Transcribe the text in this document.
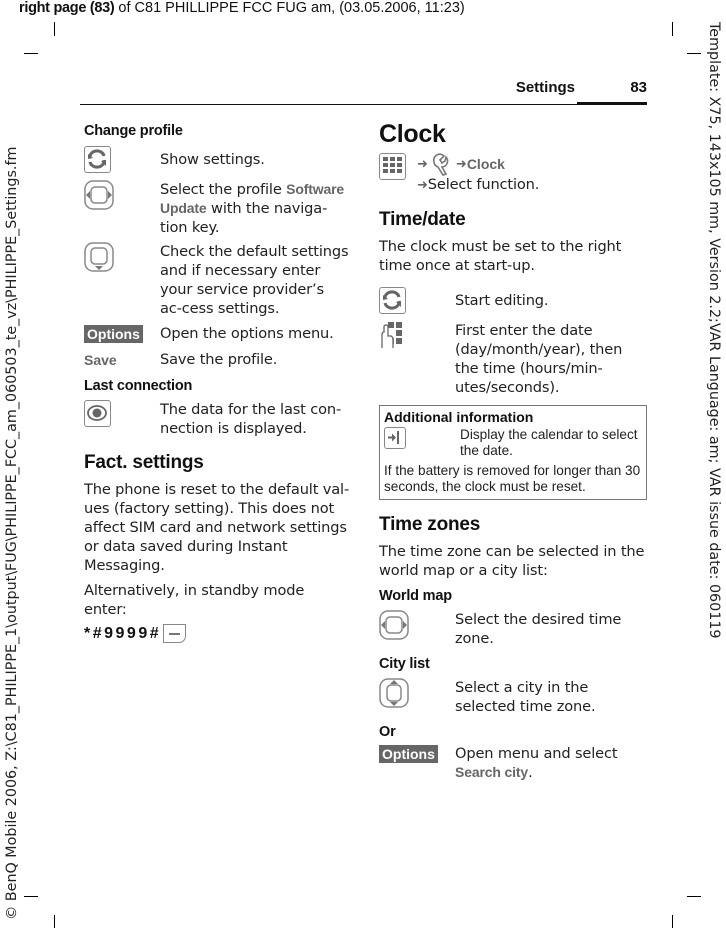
right page (83) of C81 PHILLIPPE FCC FUG am, (03.05.2006, 11:23)
© BenQ Mobile 2006, Z:\C81_PHILIPPE_1\output\FUG\PHILIPPE_FCC_am_060503_te_vz\PHILIPPE_Settings.fm	Template: X75, 143x105 mm, Version 2.2;VAR Language: am; VAR issue date: 060119
Settings	83
Change profile
Show settings.
Select the profile Software Update with the naviga-tion key.
Check the default settings and if necessary enter your service provider’s ac-cess settings.
Options	Open the options menu.
Save	Save the profile.
Last connection
The data for the last con-nection is displayed.
Fact. settings
The phone is reset to the default val-ues (factory setting). This does not affect SIM card and network settings or data saved during Instant Messaging.
Alternatively, in standby mode enter:
*#9999#
Clock
➜ ➜ Clock
➜Select function.
Time/date
The clock must be set to the right time once at start-up.
Start editing.
First enter the date (day/month/year), then the time (hours/min-utes/seconds).
Additional information
Display the calendar to select the date.
If the battery is removed for longer than 30 seconds, the clock must be reset.
Time zones
The time zone can be selected in the world map or a city list:
World map
Select the desired time zone.
City list
Select a city in the selected time zone.
Or
Options	Open menu and select Search city.
